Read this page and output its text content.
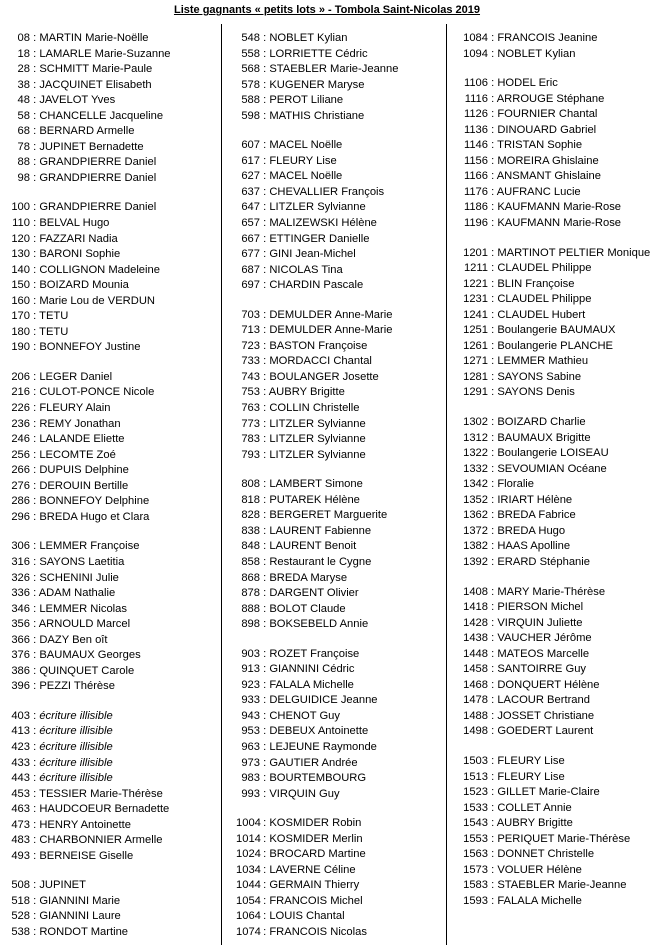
Liste gagnants « petits lots » - Tombola Saint-Nicolas 2019
08 : MARTIN Marie-Noëlle
18 : LAMARLE Marie-Suzanne
28 : SCHMITT Marie-Paule
38 : JACQUINET Elisabeth
48 : JAVELOT Yves
58 : CHANCELLE Jacqueline
68 : BERNARD Armelle
78 : JUPINET Bernadette
88 : GRANDPIERRE Daniel
98 : GRANDPIERRE Daniel
100 : GRANDPIERRE Daniel
110 : BELVAL Hugo
120 : FAZZARI Nadia
130 : BARONI Sophie
140 : COLLIGNON Madeleine
150 : BOIZARD Mounia
160 : Marie Lou de VERDUN
170 : TETU
180 : TETU
190 : BONNEFOY Justine
206 : LEGER Daniel
216 : CULOT-PONCE Nicole
226 : FLEURY Alain
236 : REMY Jonathan
246 : LALANDE Eliette
256 : LECOMTE Zoé
266 : DUPUIS Delphine
276 : DEROUIN Bertille
286 : BONNEFOY Delphine
296 : BREDA Hugo et Clara
306 : LEMMER Françoise
316 : SAYONS Laetitia
326 : SCHENINI Julie
336 : ADAM Nathalie
346 : LEMMER Nicolas
356 : ARNOULD Marcel
366 : DAZY Ben oît
376 : BAUMAUX Georges
386 : QUINQUET Carole
396 : PEZZI Thérèse
403 : écriture illisible
413 : écriture illisible
423 : écriture illisible
433 : écriture illisible
443 : écriture illisible
453 : TESSIER Marie-Thérèse
463 : HAUDCOEUR Bernadette
473 : HENRY Antoinette
483 : CHARBONNIER Armelle
493 : BERNEISE Giselle
508 : JUPINET
518 : GIANNINI Marie
528 : GIANNINI Laure
538 : RONDOT Martine
548 : NOBLET Kylian
558 : LORRIETTE Cédric
568 : STAEBLER Marie-Jeanne
578 : KUGENER Maryse
588 : PEROT Liliane
598 : MATHIS Christiane
607 : MACEL Noëlle
617 : FLEURY Lise
627 : MACEL Noëlle
637 : CHEVALLIER François
647 : LITZLER Sylvianne
657 : MALIZEWSKI Hélène
667 : ETTINGER Danielle
677 : GINI Jean-Michel
687 : NICOLAS Tina
697 : CHARDIN Pascale
703 : DEMULDER Anne-Marie
713 : DEMULDER Anne-Marie
723 : BASTON Françoise
733 : MORDACCI Chantal
743 : BOULANGER Josette
753 : AUBRY Brigitte
763 : COLLIN Christelle
773 : LITZLER Sylvianne
783 : LITZLER Sylvianne
793 : LITZLER Sylvianne
808 : LAMBERT Simone
818 : PUTAREK Hélène
828 : BERGERET Marguerite
838 : LAURENT Fabienne
848 : LAURENT Benoit
858 : Restaurant le Cygne
868 : BREDA Maryse
878 : DARGENT Olivier
888 : BOLOT Claude
898 : BOKSEBELD Annie
903 : ROZET Françoise
913 : GIANNINI Cédric
923 : FALALA Michelle
933 : DELGUIDICE Jeanne
943 : CHENOT Guy
953 : DEBEUX Antoinette
963 : LEJEUNE Raymonde
973 : GAUTIER Andrée
983 : BOURTEMBOURG
993 : VIRQUIN Guy
1004 : KOSMIDER Robin
1014 : KOSMIDER Merlin
1024 : BROCARD Martine
1034 : LAVERNE Céline
1044 : GERMAIN Thierry
1054 : FRANCOIS Michel
1064 : LOUIS Chantal
1074 : FRANCOIS Nicolas
1084 : FRANCOIS Jeanine
1094 : NOBLET Kylian
1106 : HODEL Eric
1116 : ARROUGE Stéphane
1126 : FOURNIER Chantal
1136 : DINOUARD Gabriel
1146 : TRISTAN Sophie
1156 : MOREIRA Ghislaine
1166 : ANSMANT Ghislaine
1176 : AUFRANC Lucie
1186 : KAUFMANN Marie-Rose
1196 : KAUFMANN Marie-Rose
1201 : MARTINOT PELTIER Monique
1211 : CLAUDEL Philippe
1221 : BLIN Françoise
1231 : CLAUDEL Philippe
1241 : CLAUDEL Hubert
1251 : Boulangerie BAUMAUX
1261 : Boulangerie PLANCHE
1271 : LEMMER Mathieu
1281 : SAYONS Sabine
1291 : SAYONS Denis
1302 : BOIZARD Charlie
1312 : BAUMAUX Brigitte
1322 : Boulangerie LOISEAU
1332 : SEVOUMIAN Océane
1342 : Floralie
1352 : IRIART Hélène
1362 : BREDA Fabrice
1372 : BREDA Hugo
1382 : HAAS Apolline
1392 : ERARD Stéphanie
1408 : MARY Marie-Thérèse
1418 : PIERSON Michel
1428 : VIRQUIN Juliette
1438 : VAUCHER Jérôme
1448 : MATEOS Marcelle
1458 : SANTOIRRE Guy
1468 : DONQUERT Hélène
1478 : LACOUR Bertrand
1488 : JOSSET Christiane
1498 : GOEDERT Laurent
1503 : FLEURY Lise
1513 : FLEURY Lise
1523 : GILLET Marie-Claire
1533 : COLLET Annie
1543 : AUBRY Brigitte
1553 : PERIQUET Marie-Thérèse
1563 : DONNET Christelle
1573 : VOLUER Hélène
1583 : STAEBLER Marie-Jeanne
1593 : FALALA Michelle
